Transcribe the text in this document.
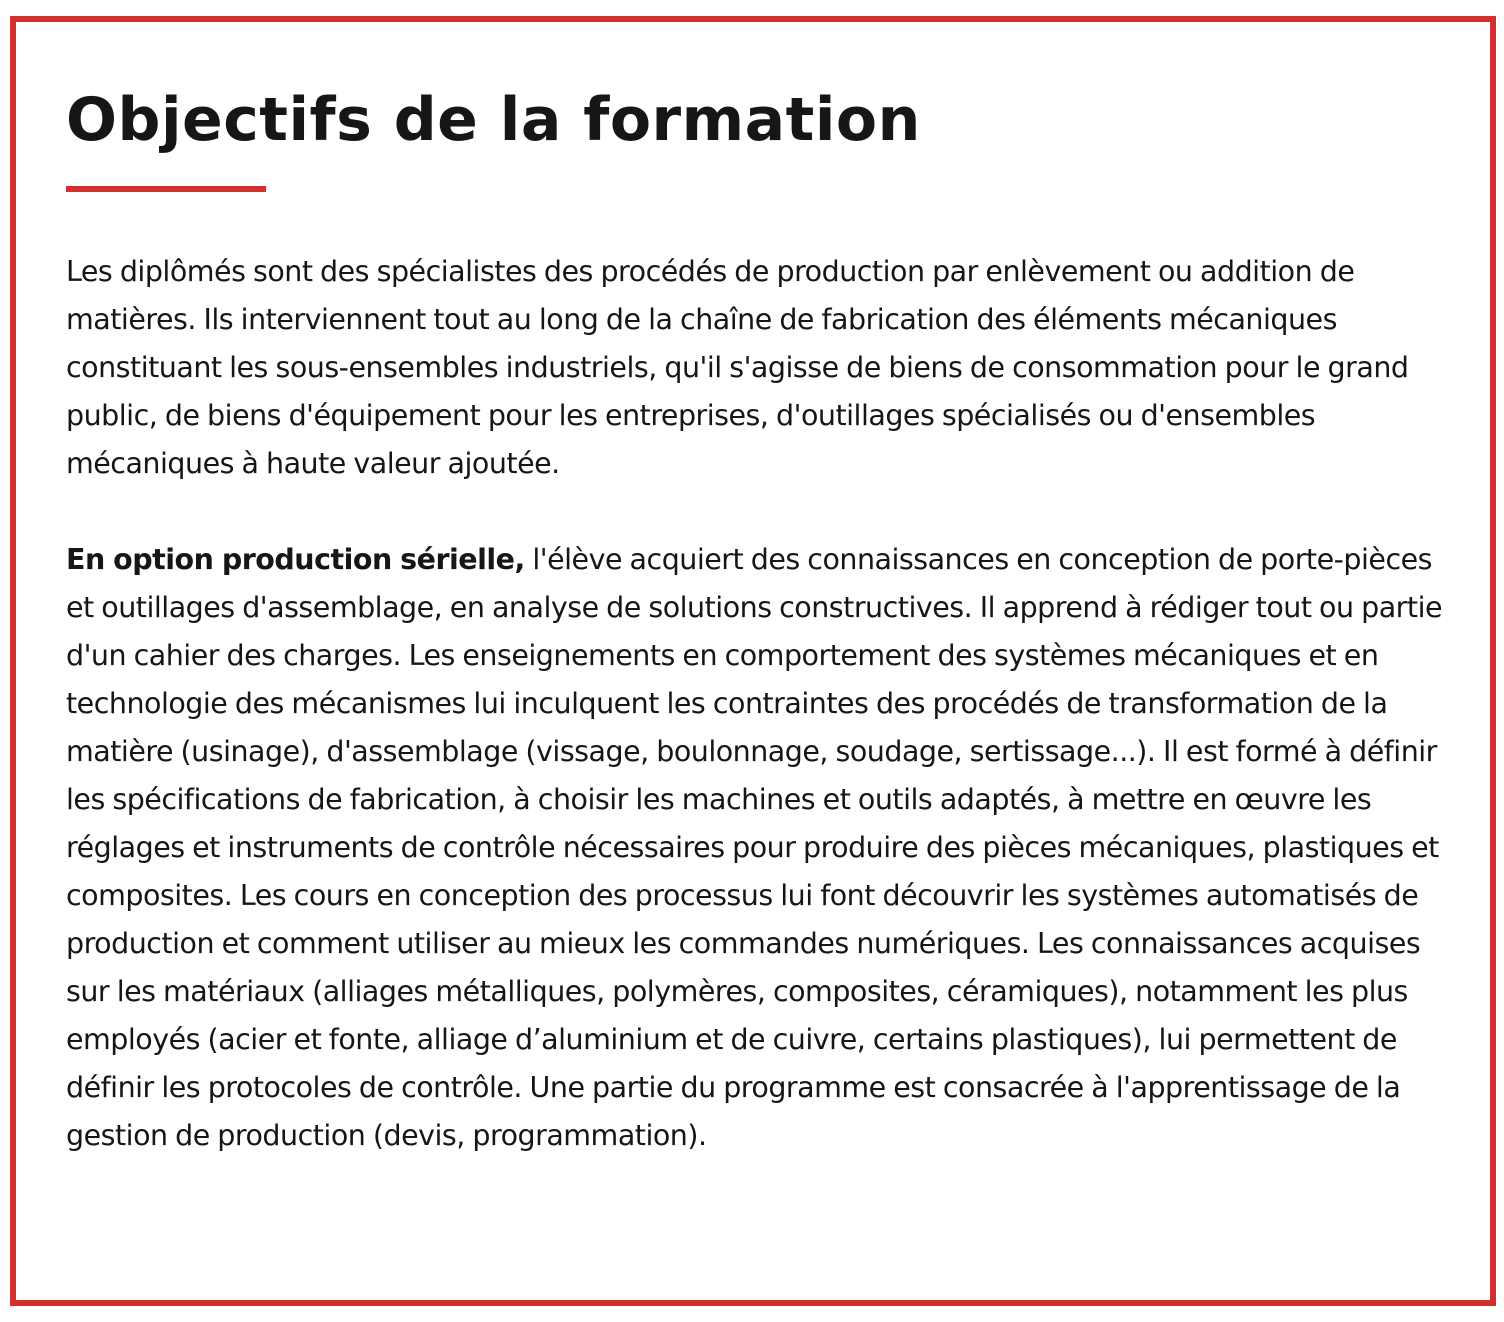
Objectifs de la formation

Les diplômés sont des spécialistes des procédés de production par enlèvement ou addition de matières. Ils interviennent tout au long de la chaîne de fabrication des éléments mécaniques constituant les sous-ensembles industriels, qu'il s'agisse de biens de consommation pour le grand public, de biens d'équipement pour les entreprises, d'outillages spécialisés ou d'ensembles mécaniques à haute valeur ajoutée.

En option production sérielle, l'élève acquiert des connaissances en conception de porte-pièces et outillages d'assemblage, en analyse de solutions constructives. Il apprend à rédiger tout ou partie d'un cahier des charges. Les enseignements en comportement des systèmes mécaniques et en technologie des mécanismes lui inculquent les contraintes des procédés de transformation de la matière (usinage), d'assemblage (vissage, boulonnage, soudage, sertissage...). Il est formé à définir les spécifications de fabrication, à choisir les machines et outils adaptés, à mettre en œuvre les réglages et instruments de contrôle nécessaires pour produire des pièces mécaniques, plastiques et composites. Les cours en conception des processus lui font découvrir les systèmes automatisés de production et comment utiliser au mieux les commandes numériques. Les connaissances acquises sur les matériaux (alliages métalliques, polymères, composites, céramiques), notamment les plus employés (acier et fonte, alliage d’aluminium et de cuivre, certains plastiques), lui permettent de définir les protocoles de contrôle. Une partie du programme est consacrée à l'apprentissage de la gestion de production (devis, programmation).
